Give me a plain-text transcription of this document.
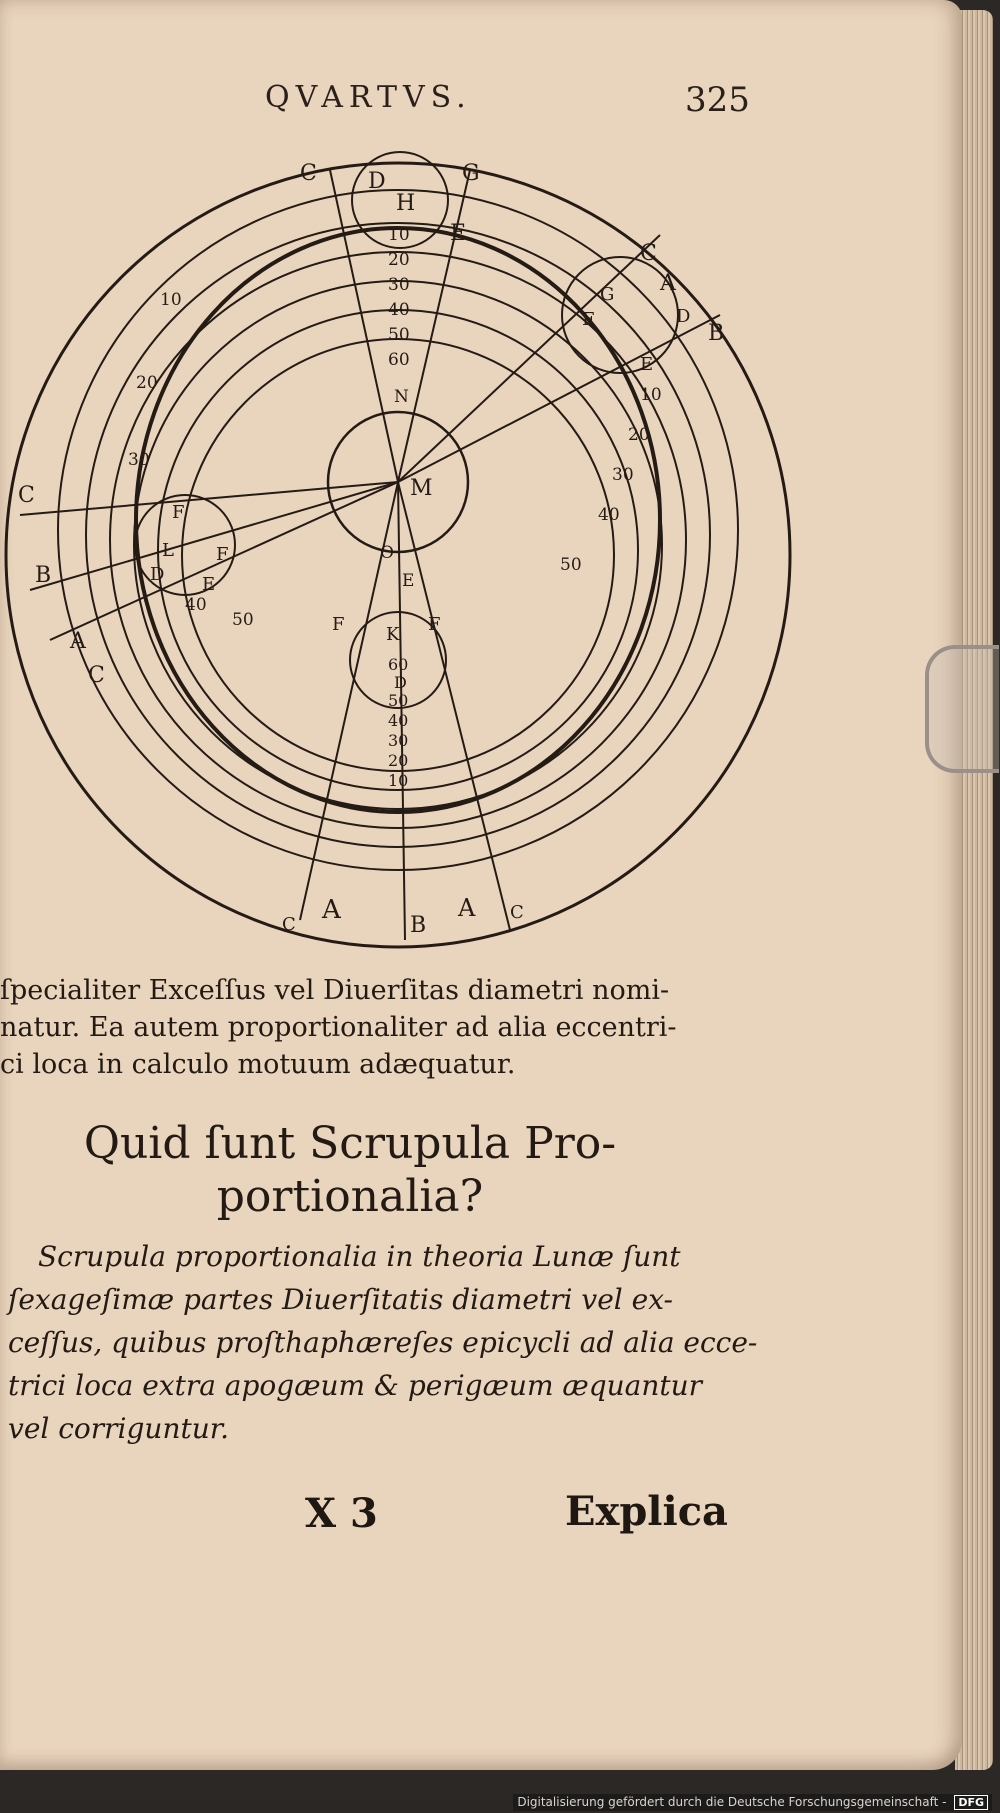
QVARTVS.	325
C D
H
G
E
10
20
30
40
50
60
C
A
D
B
G
E
F
10
20
30
40
50
M
N
O
E
C
B
A
C
F
L F
D E
10
20
30
40
50	F K F
60
D
50
40
30
20
10
C A
B
A C
ſpecialiter Exceſſus vel Diuerſitas diametri nomi-
natur. Ea autem proportionaliter ad alia eccentri-
ci loca in calculo motuum adæquatur.
Quid ſunt Scrupula Pro-
portionalia?
Scrupula proportionalia in theoria Lunæ ſunt
ſexageſimæ partes Diuerſitatis diametri vel ex-
ceſſus, quibus proſthaphæreſes epicycli ad alia ecce-
trici loca extra apogæum & perigæum æquantur
vel corriguntur.
X 3	Explica
Digitalisierung gefördert durch die Deutsche Forschungsgemeinschaft - DFG
